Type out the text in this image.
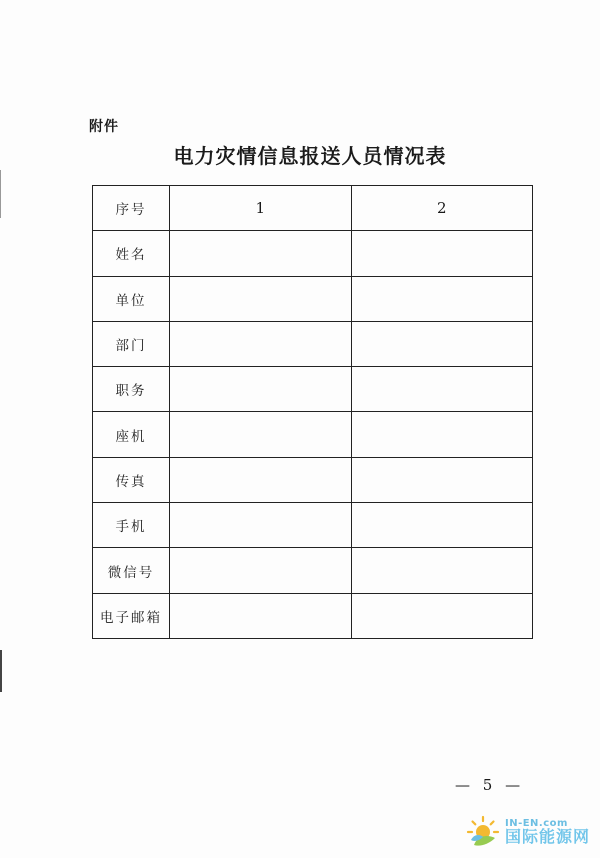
附件
电力灾情信息报送人员情况表
序号	1	2
姓名		
单位		
部门		
职务		
座机		
传真		
手机		
微信号		
电子邮箱		
— 5 —
IN-EN.com
国际能源网
